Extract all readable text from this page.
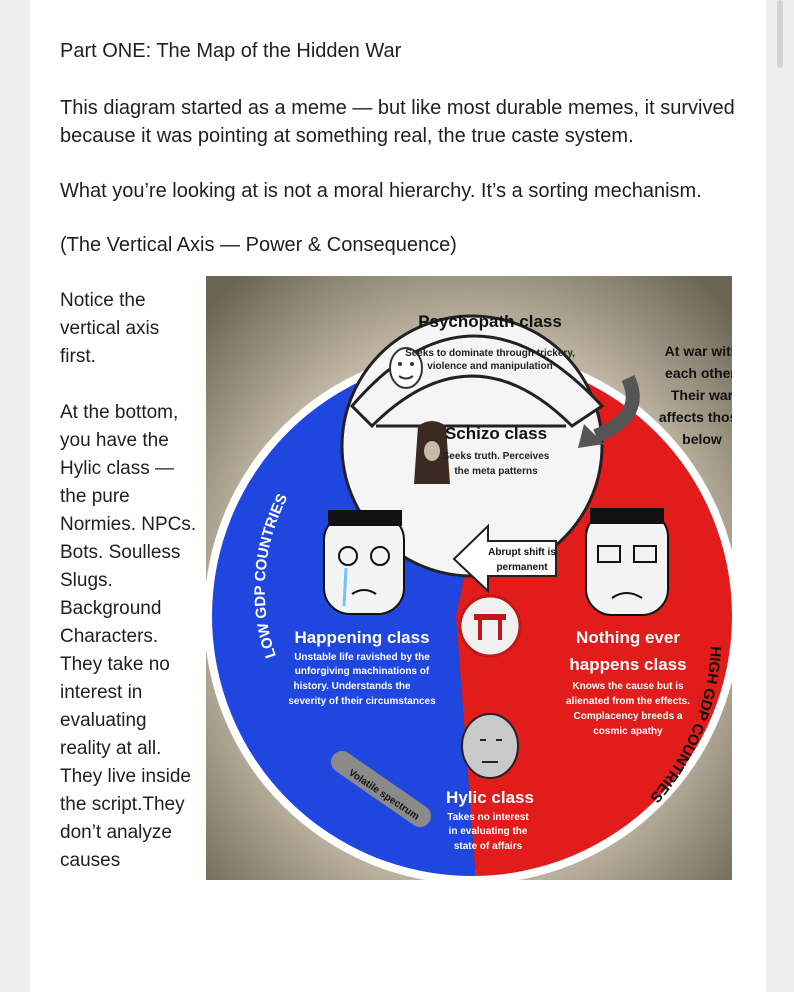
Part ONE: The Map of the Hidden War

This diagram started as a meme — but like most durable memes, it survived because it was pointing at something real, the true caste system.

What you’re looking at is not a moral hierarchy. It’s a sorting mechanism.

(The Vertical Axis — Power & Consequence)

Notice the vertical axis first.

At the bottom, you have the Hylic class — the pure Normies. NPCs. Bots. Soulless Slugs. Background Characters. They take no interest in evaluating reality at all. They live inside the script.They don’t analyze causes

Psychopath class
Seeks to dominate through trickery,
violence and manipulation
At war with
each other.
Their war
affects tho
below
Schizo class
Seeks truth. Perceives
the meta patterns
Abrupt shift is
permanent
Happening class
Unstable life ravished by the
unforgiving machinations of
history. Understands the
severity of their circumstances
Nothing ever
happens class
Knows the cause but is
alienated from the effects.
Complacency breeds a
cosmic apathy
Volatile spectrum Hylic class
Takes no interest
in evaluating the
state of affairs
LOW GDP COUNTRIES
HIGH GDP COUNTRIES
